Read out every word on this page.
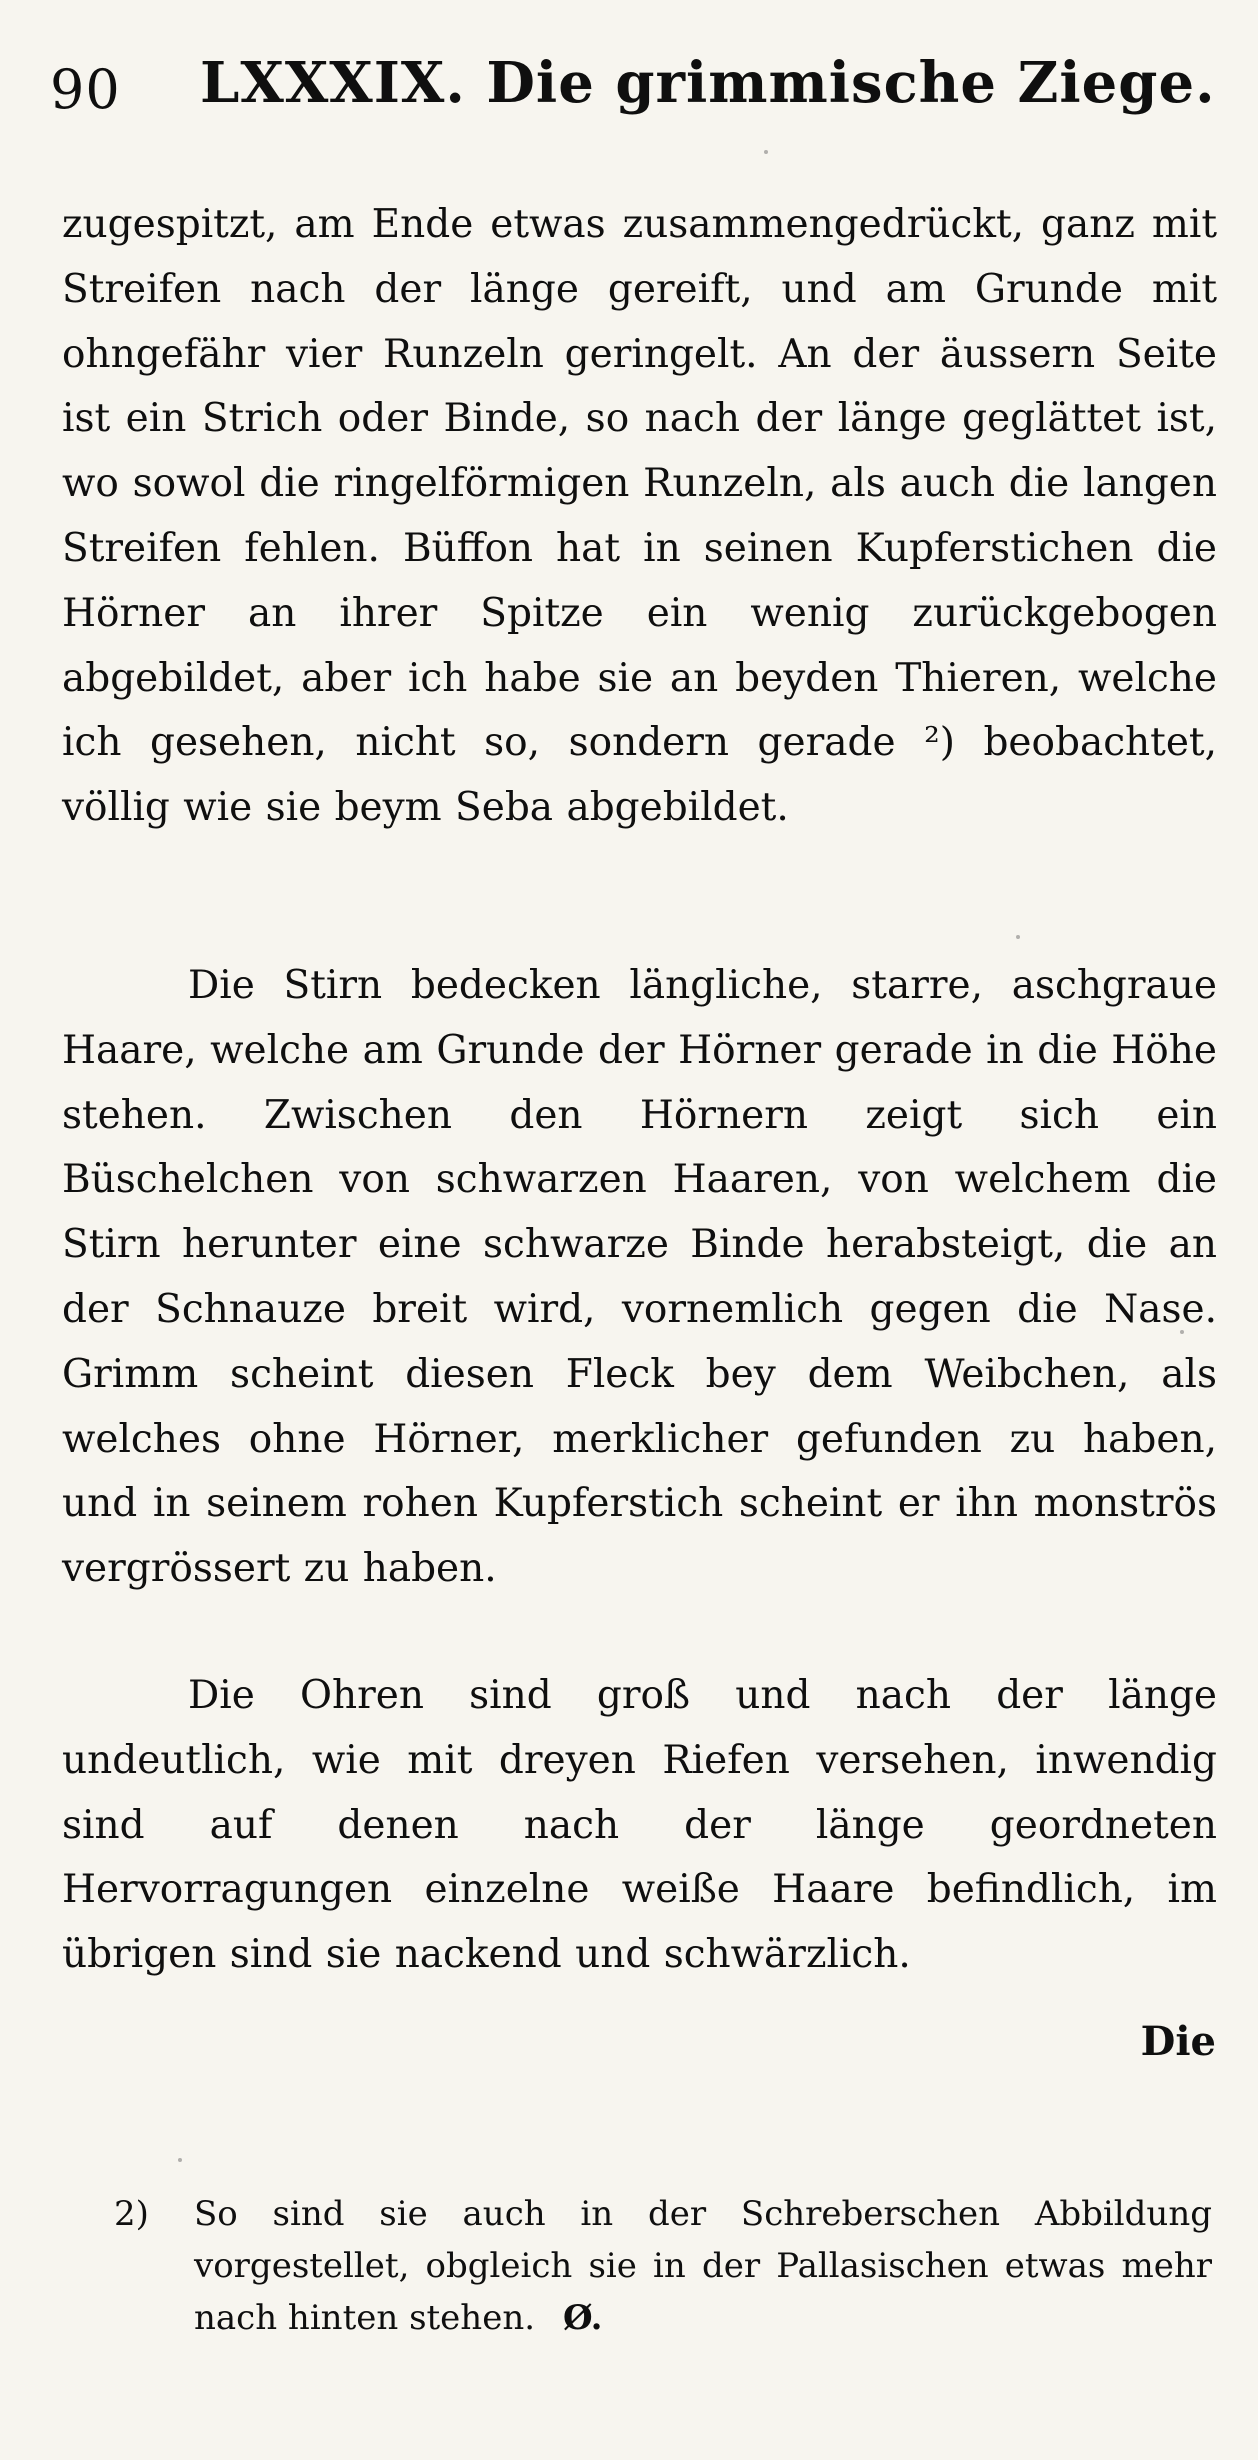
90 LXXXIX. Die grimmische Ziege.
zugespitzt, am Ende etwas zusammengedrückt, ganz mit Streifen nach der länge gereift, und am Grunde mit ohngefähr vier Runzeln geringelt. An der äussern Seite ist ein Strich oder Binde, so nach der länge geglättet ist, wo sowol die ringelförmigen Runzeln, als auch die langen Streifen fehlen. Büffon hat in seinen Kupferstichen die Hörner an ihrer Spitze ein wenig zurückgebogen abgebildet, aber ich habe sie an beyden Thieren, welche ich gesehen, nicht so, sondern gerade ²) beobachtet, völlig wie sie beym Seba abgebildet.
Die Stirn bedecken längliche, starre, aschgraue Haare, welche am Grunde der Hörner gerade in die Höhe stehen. Zwischen den Hörnern zeigt sich ein Büschelchen von schwarzen Haaren, von welchem die Stirn herunter eine schwarze Binde herabsteigt, die an der Schnauze breit wird, vornemlich gegen die Nase. Grimm scheint diesen Fleck bey dem Weibchen, als welches ohne Hörner, merklicher gefunden zu haben, und in seinem rohen Kupferstich scheint er ihn monströs vergrössert zu haben.
Die Ohren sind groß und nach der länge undeutlich, wie mit dreyen Riefen versehen, inwendig sind auf denen nach der länge geordneten Hervorragungen einzelne weiße Haare befindlich, im übrigen sind sie nackend und schwärzlich.
Die
2)	So sind sie auch in der Schreberschen Abbildung vorgestellet, obgleich sie in der Pallasischen etwas mehr nach hinten stehen. Ø.
